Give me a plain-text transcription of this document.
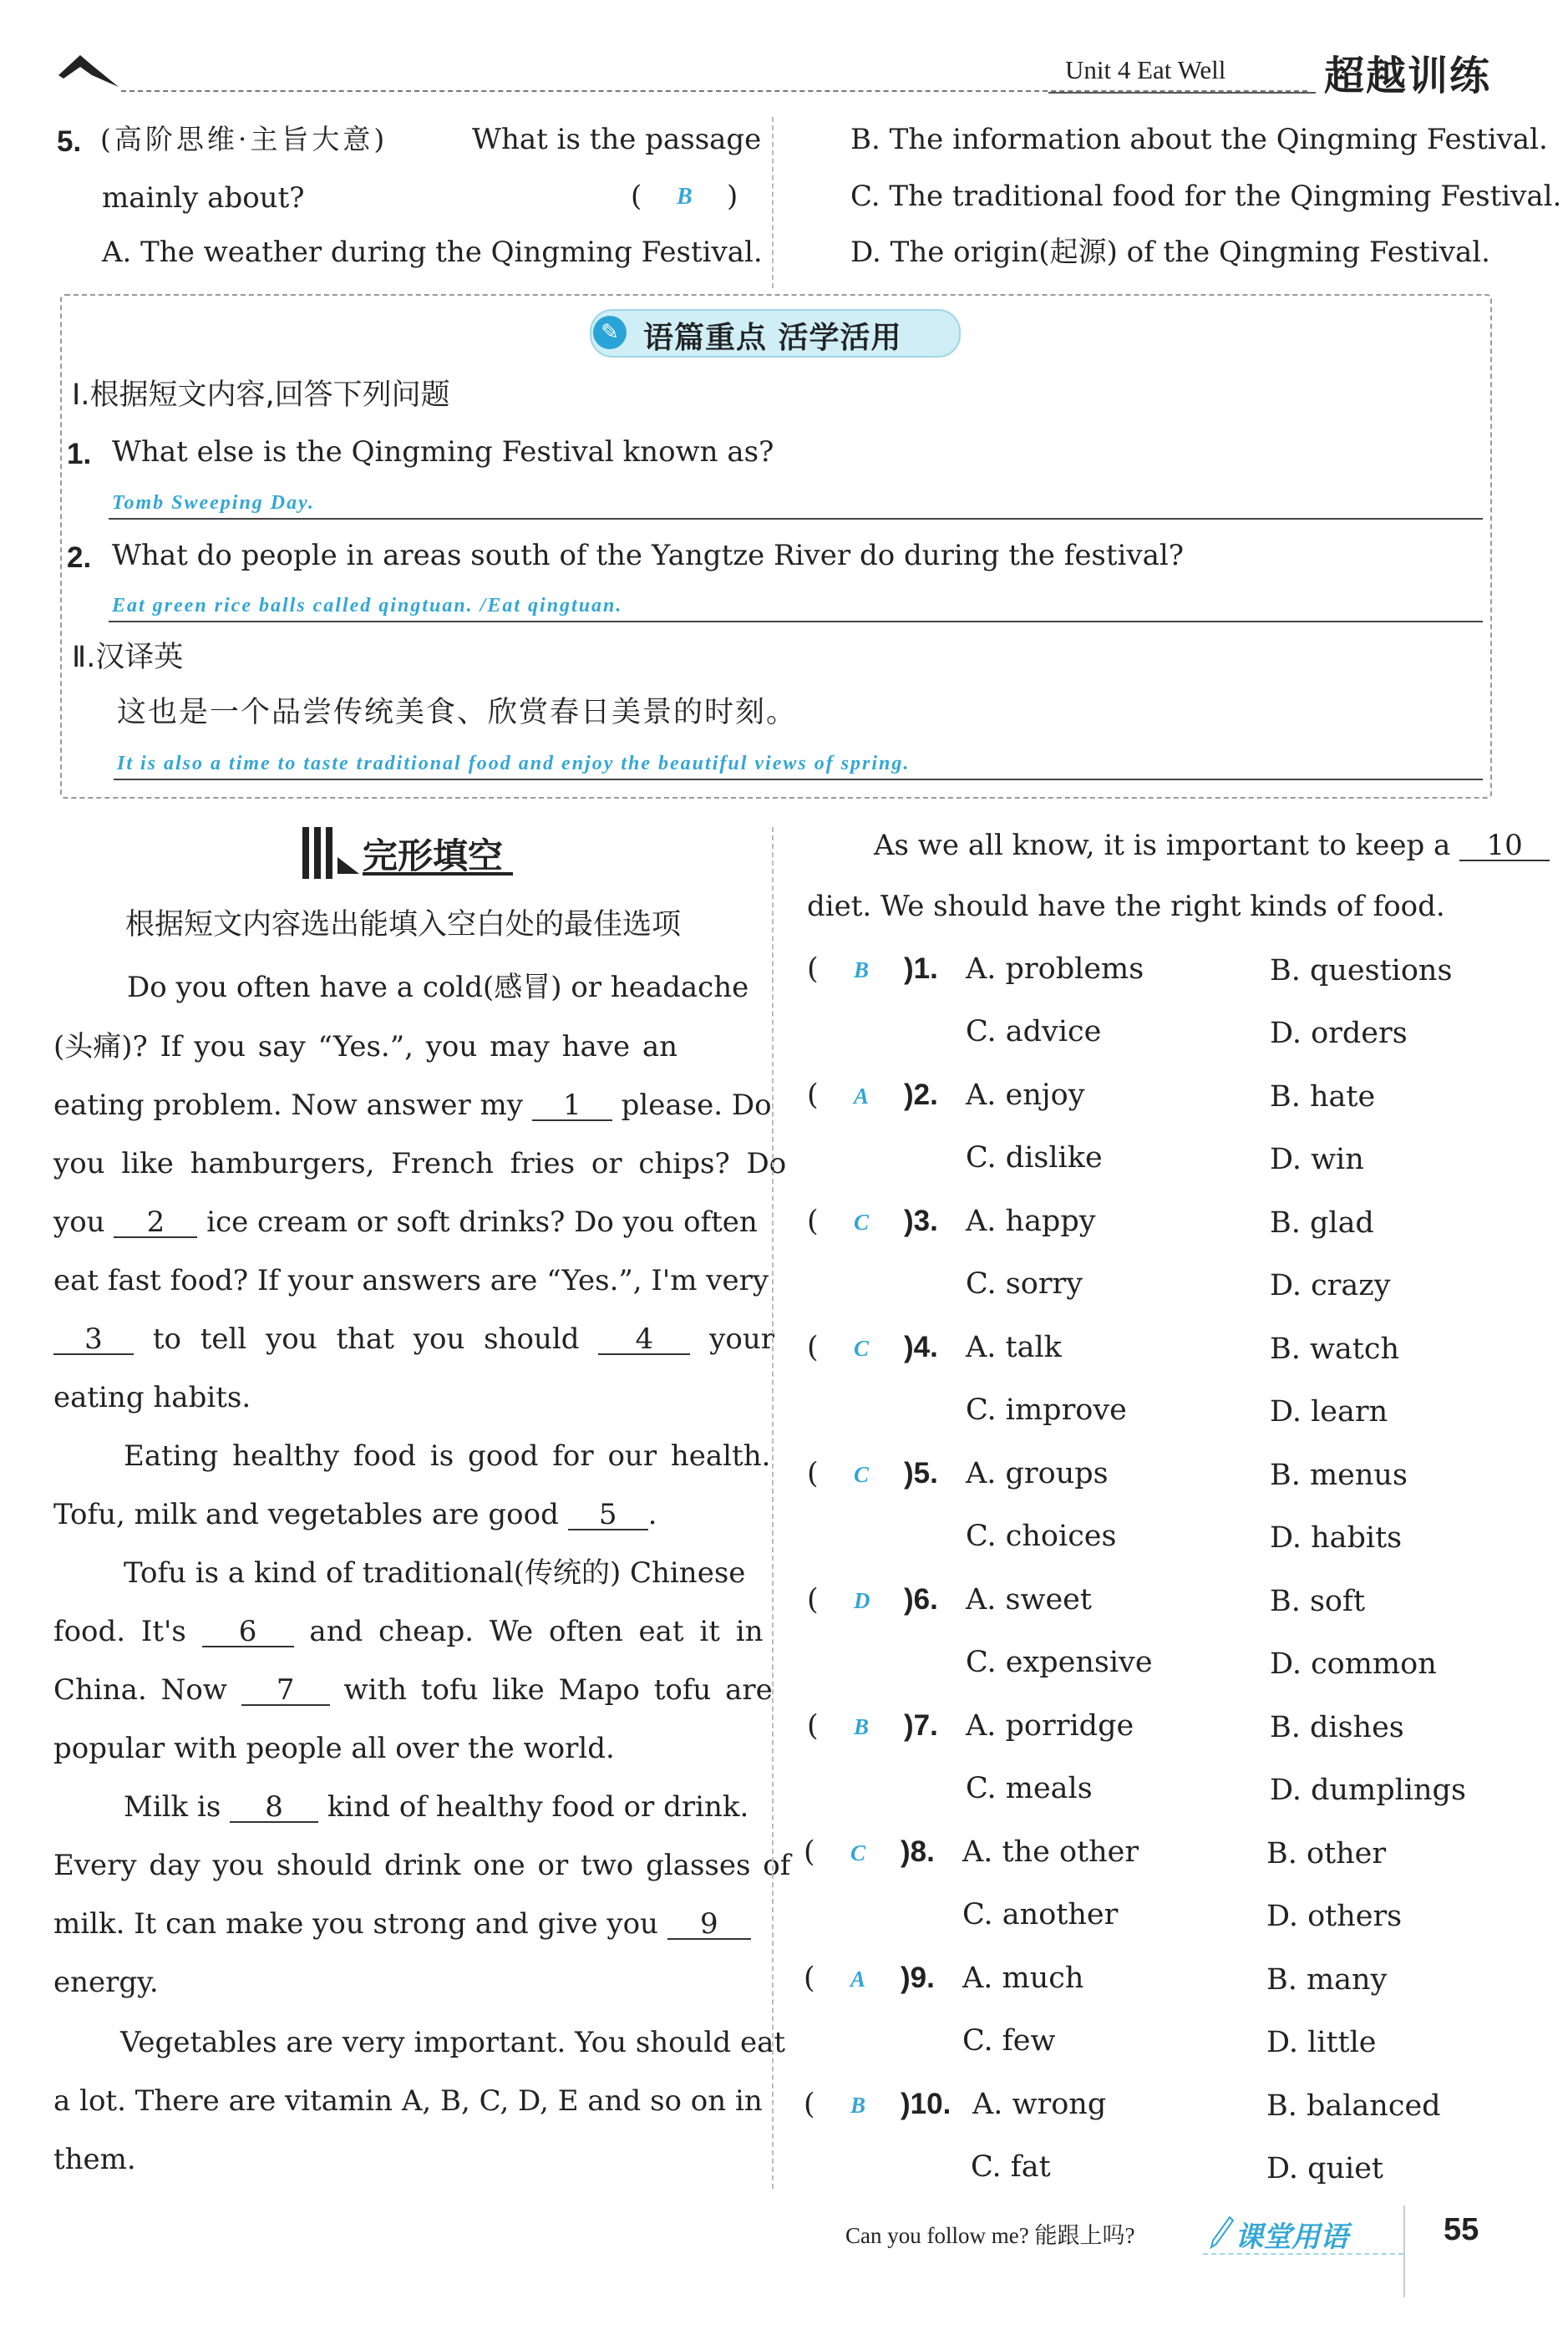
Unit 4 Eat Well 超越训练
5. (高阶思维·主旨大意)	What is the passage
mainly about?	( B )
A. The weather during the Qingming Festival.
B. The information about the Qingming Festival.
C. The traditional food for the Qingming Festival.
D. The origin(起源) of the Qingming Festival.
✎ 语篇重点 活学活用
Ⅰ.根据短文内容,回答下列问题
1. What else is the Qingming Festival known as?
Tomb Sweeping Day.
2. What do people in areas south of the Yangtze River do during the festival?
Eat green rice balls called qingtuan. /Eat qingtuan.
Ⅱ.汉译英
这也是一个品尝传统美食、欣赏春日美景的时刻。
It is also a time to taste traditional food and enjoy the beautiful views of spring.
完形填空
根据短文内容选出能填入空白处的最佳选项
Do you often have a cold(感冒) or headache
(头痛)? If you say “Yes.”, you may have an
eating problem. Now answer my 1 please. Do
you like hamburgers, French fries or chips? Do
you 2 ice cream or soft drinks? Do you often
eat fast food? If your answers are “Yes.”, I'm very
3 to tell you that you should 4 your
eating habits.
Eating healthy food is good for our health.
Tofu, milk and vegetables are good 5 .
Tofu is a kind of traditional(传统的) Chinese
food. It's 6 and cheap. We often eat it in
China. Now 7 with tofu like Mapo tofu are
popular with people all over the world.
Milk is 8 kind of healthy food or drink.
Every day you should drink one or two glasses of
milk. It can make you strong and give you 9
energy.
Vegetables are very important. You should eat
a lot. There are vitamin A, B, C, D, E and so on in
them.
As we all know, it is important to keep a 10
diet. We should have the right kinds of food.
Can you follow me? 能跟上吗?	课堂用语	55
( B )1. A. problems	B. questions
C. advice	D. orders
( A )2. A. enjoy	B. hate
C. dislike	D. win
( C )3. A. happy	B. glad
C. sorry	D. crazy
( C )4. A. talk	B. watch
C. improve	D. learn
( C )5. A. groups	B. menus
C. choices	D. habits
( D )6. A. sweet	B. soft
C. expensive	D. common
( B )7. A. porridge	B. dishes
C. meals	D. dumplings
( C )8. A. the other	B. other
C. another	D. others
( A )9. A. much	B. many
C. few	D. little
( B )10. A. wrong	B. balanced
C. fat	D. quiet
